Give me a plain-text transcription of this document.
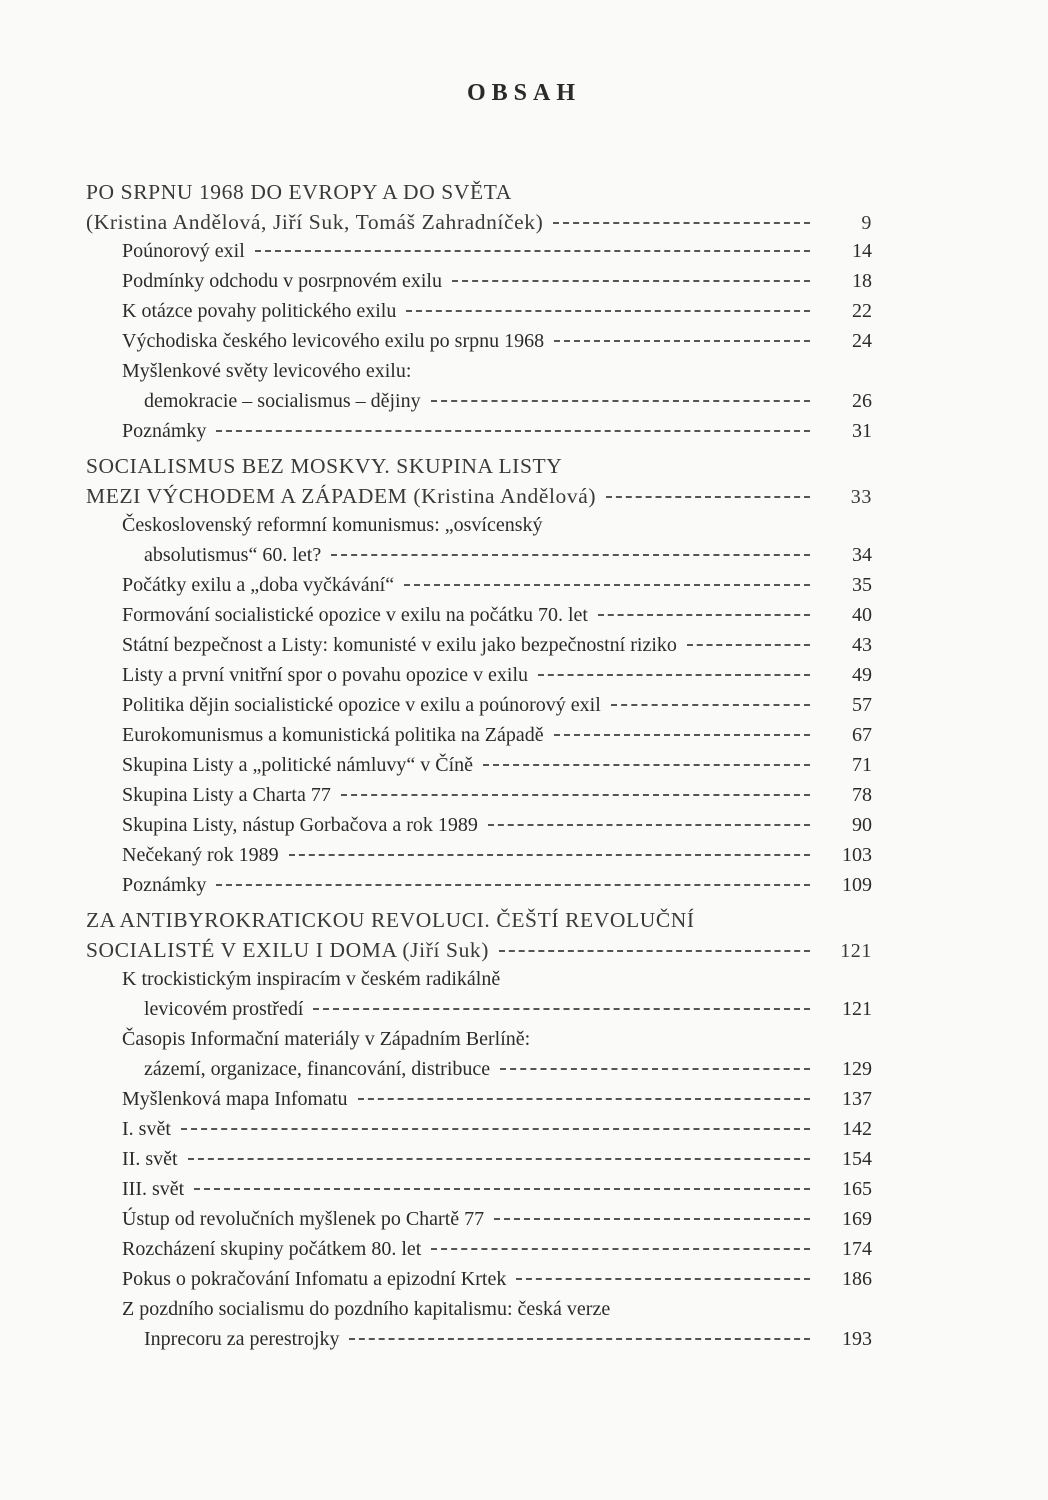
OBSAH
PO SRPNU 1968 DO EVROPY A DO SVĚTA
(Kristina Andělová, Jiří Suk, Tomáš Zahradníček)	9
Poúnorový exil	14
Podmínky odchodu v posrpnovém exilu	18
K otázce povahy politického exilu	22
Východiska českého levicového exilu po srpnu 1968	24
Myšlenkové světy levicového exilu:
demokracie – socialismus – dějiny	26
Poznámky	31
SOCIALISMUS BEZ MOSKVY. SKUPINA LISTY
MEZI VÝCHODEM A ZÁPADEM (Kristina Andělová)	33
Československý reformní komunismus: „osvícenský
absolutismus“ 60. let?	34
Počátky exilu a „doba vyčkávání“	35
Formování socialistické opozice v exilu na počátku 70. let	40
Státní bezpečnost a Listy: komunisté v exilu jako bezpečnostní riziko	43
Listy a první vnitřní spor o povahu opozice v exilu	49
Politika dějin socialistické opozice v exilu a poúnorový exil	57
Eurokomunismus a komunistická politika na Západě	67
Skupina Listy a „politické námluvy“ v Číně	71
Skupina Listy a Charta 77	78
Skupina Listy, nástup Gorbačova a rok 1989	90
Nečekaný rok 1989	103
Poznámky	109
ZA ANTIBYROKRATICKOU REVOLUCI. ČEŠTÍ REVOLUČNÍ
SOCIALISTÉ V EXILU I DOMA (Jiří Suk)	121
K trockistickým inspiracím v českém radikálně
levicovém prostředí	121
Časopis Informační materiály v Západním Berlíně:
zázemí, organizace, financování, distribuce	129
Myšlenková mapa Infomatu	137
I. svět	142
II. svět	154
III. svět	165
Ústup od revolučních myšlenek po Chartě 77	169
Rozcházení skupiny počátkem 80. let	174
Pokus o pokračování Infomatu a epizodní Krtek	186
Z pozdního socialismu do pozdního kapitalismu: česká verze
Inprecoru za perestrojky	193
